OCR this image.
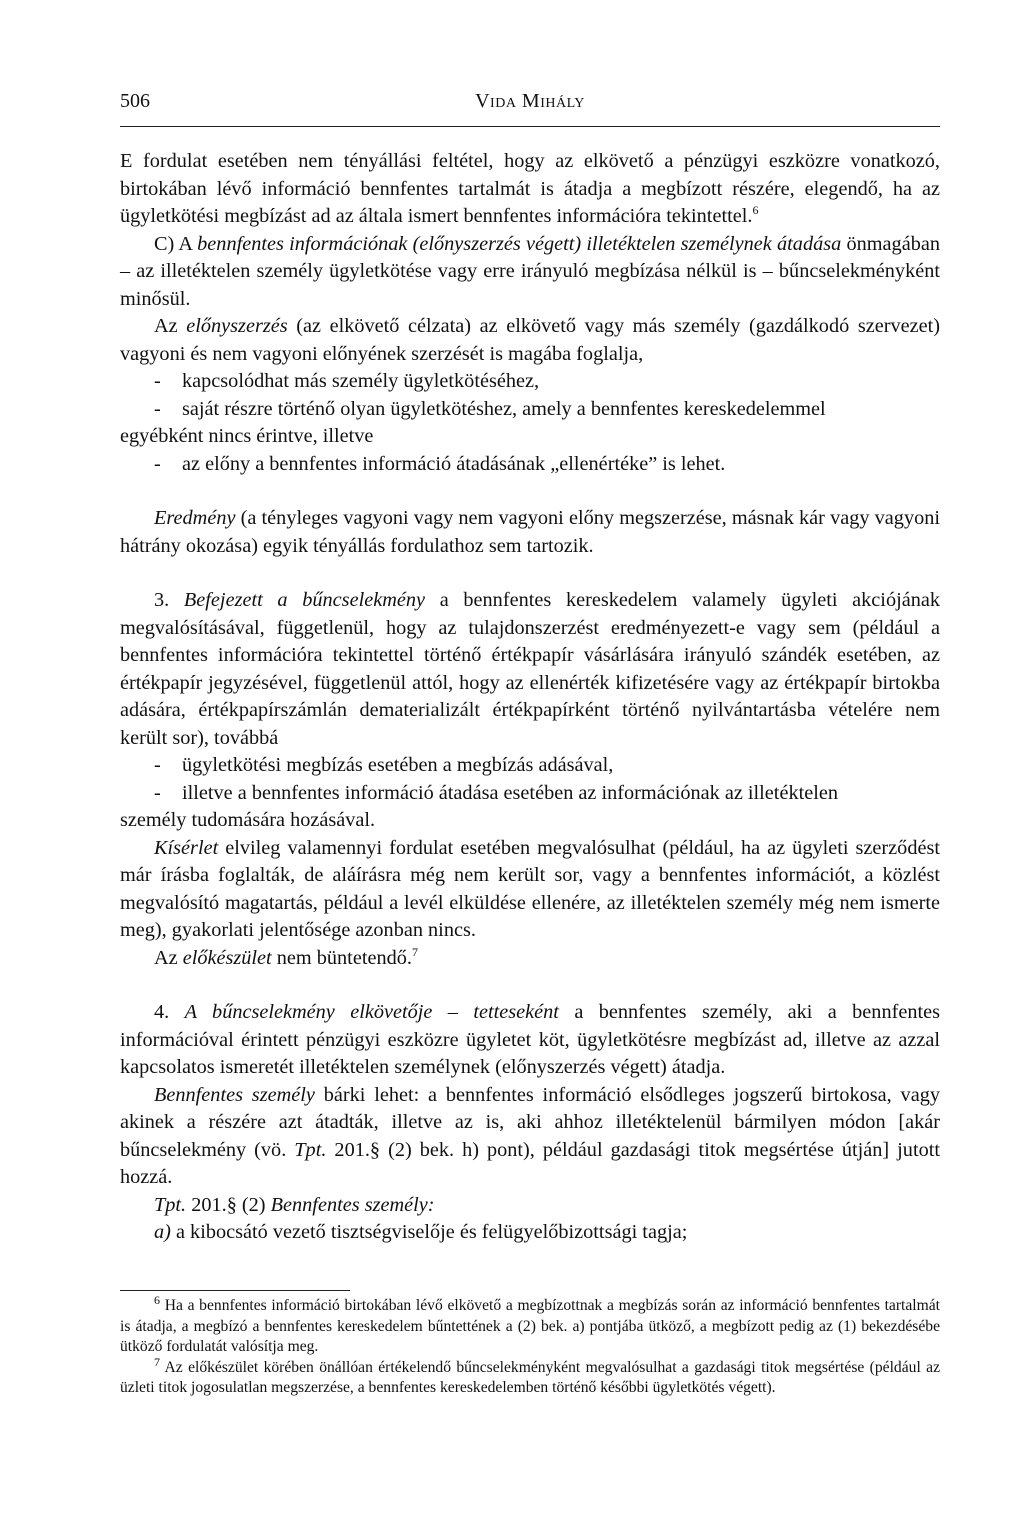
506	Vida Mihály

E fordulat esetében nem tényállási feltétel, hogy az elkövető a pénzügyi eszközre vonatkozó, birtokában lévő információ bennfentes tartalmát is átadja a megbízott részére, elegendő, ha az ügyletkötési megbízást ad az általa ismert bennfentes információra tekintettel.$^6$

C) A bennfentes információnak (előnyszerzés végett) illetéktelen személynek átadása önmagában – az illetéktelen személy ügyletkötése vagy erre irányuló megbízása nélkül is – bűncselekményként minősül.

Az előnyszerzés (az elkövető célzata) az elkövető vagy más személy (gazdálkodó szervezet) vagyoni és nem vagyoni előnyének szerzését is magába foglalja,

-	kapcsolódhat más személy ügyletkötéséhez,
-	saját részre történő olyan ügyletkötéshez, amely a bennfentes kereskedelemmel

egyébként nincs érintve, illetve

-	az előny a bennfentes információ átadásának „ellenértéke” is lehet.

Eredmény (a tényleges vagyoni vagy nem vagyoni előny megszerzése, másnak kár vagy vagyoni hátrány okozása) egyik tényállás fordulathoz sem tartozik.

3. Befejezett a bűncselekmény a bennfentes kereskedelem valamely ügyleti akciójának megvalósításával, függetlenül, hogy az tulajdonszerzést eredményezett-e vagy sem (például a bennfentes információra tekintettel történő értékpapír vásárlására irányuló szándék esetében, az értékpapír jegyzésével, függetlenül attól, hogy az ellenérték kifizetésére vagy az értékpapír birtokba adására, értékpapírszámlán dematerializált értékpapírként történő nyilvántartásba vételére nem került sor), továbbá

-	ügyletkötési megbízás esetében a megbízás adásával,
-	illetve a bennfentes információ átadása esetében az információnak az illetéktelen

személy tudomására hozásával.

Kísérlet elvileg valamennyi fordulat esetében megvalósulhat (például, ha az ügyleti szerződést már írásba foglalták, de aláírásra még nem került sor, vagy a bennfentes információt, a közlést megvalósító magatartás, például a levél elküldése ellenére, az illetéktelen személy még nem ismerte meg), gyakorlati jelentősége azonban nincs.

Az előkészület nem büntetendő.$^7$

4. A bűncselekmény elkövetője – tetteseként a bennfentes személy, aki a bennfentes információval érintett pénzügyi eszközre ügyletet köt, ügyletkötésre megbízást ad, illetve az azzal kapcsolatos ismeretét illetéktelen személynek (előnyszerzés végett) átadja.

Bennfentes személy bárki lehet: a bennfentes információ elsődleges jogszerű birtokosa, vagy akinek a részére azt átadták, illetve az is, aki ahhoz illetéktelenül bármilyen módon [akár bűncselekmény (vö. Tpt. 201.§ (2) bek. h) pont), például gazdasági titok megsértése útján] jutott hozzá.

Tpt. 201.§ (2) Bennfentes személy:

a) a kibocsátó vezető tisztségviselője és felügyelőbizottsági tagja;

$^6$ Ha a bennfentes információ birtokában lévő elkövető a megbízottnak a megbízás során az információ bennfentes tartalmát is átadja, a megbízó a bennfentes kereskedelem bűntettének a (2) bek. a) pontjába ütköző, a megbízott pedig az (1) bekezdésébe ütköző fordulatát valósítja meg.

$^7$ Az előkészület körében önállóan értékelendő bűncselekményként megvalósulhat a gazdasági titok megsértése (például az üzleti titok jogosulatlan megszerzése, a bennfentes kereskedelemben történő későbbi ügyletkötés végett).
